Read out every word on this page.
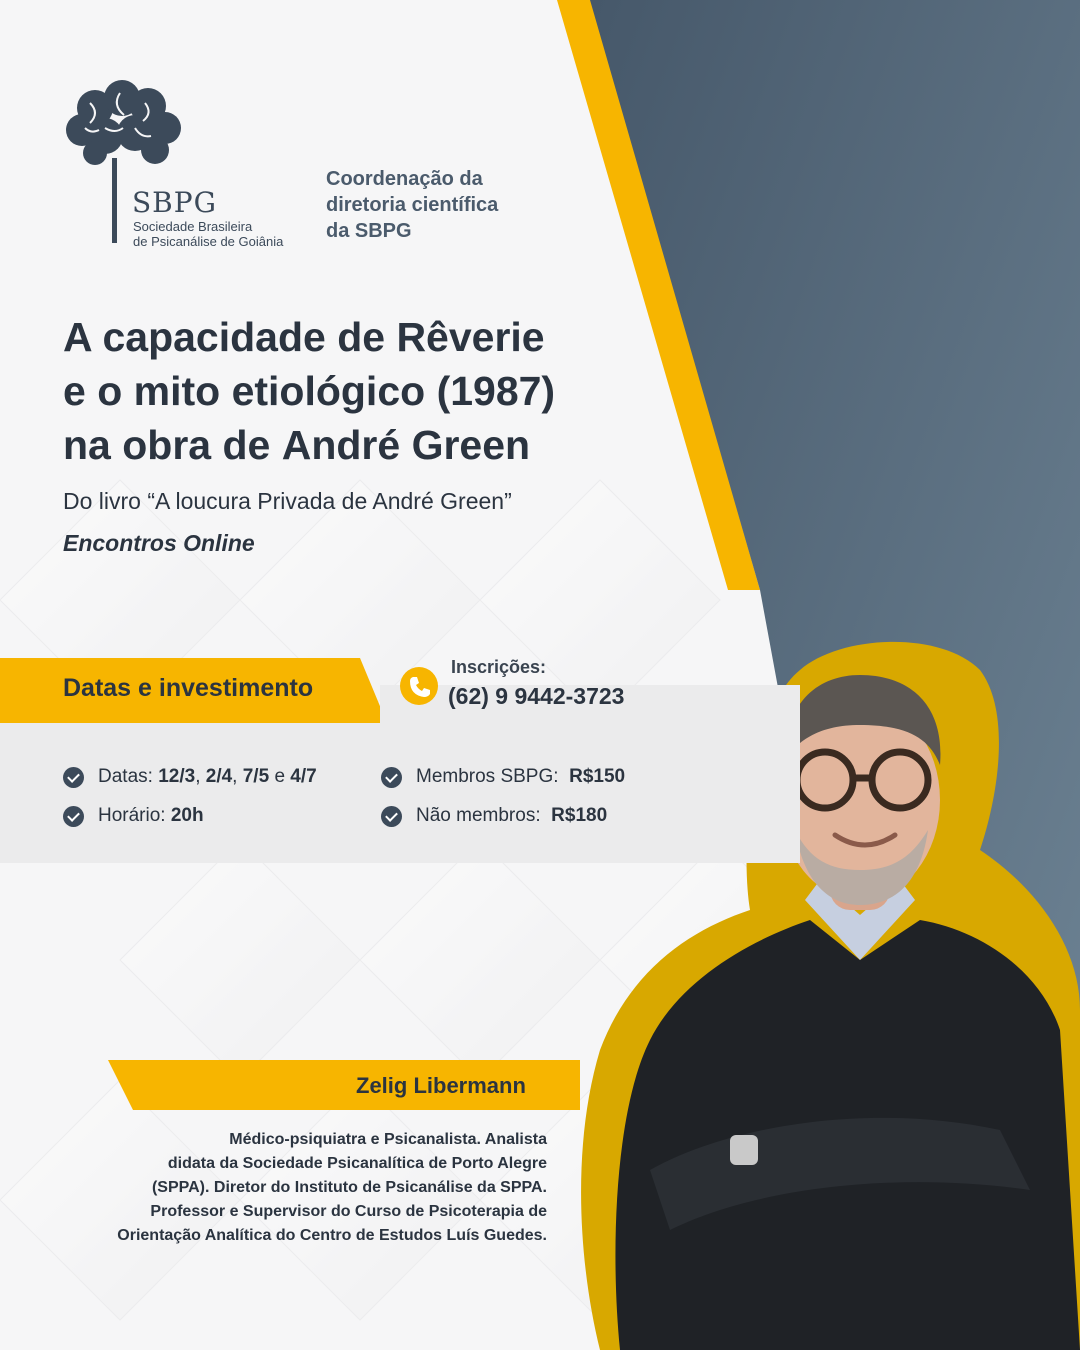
SBPG
Sociedade Brasileira
de Psicanálise de Goiânia
Coordenação da
diretoria científica
da SBPG
A capacidade de Rêverie
e o mito etiológico (1987)
na obra de André Green
Do livro “A loucura Privada de André Green”
Encontros Online
Datas e investimento
Inscrições:
(62) 9 9442-3723
Datas:
12/3 , 2/4 , 7/5
e
4/7
Horário:
20h
Membros SBPG:
R$150
Não membros:
R$180
Zelig Libermann
Médico-psiquiatra e Psicanalista. Analista
didata da Sociedade Psicanalítica de Porto Alegre
(SPPA). Diretor do Instituto de Psicanálise da SPPA.
Professor e Supervisor do Curso de Psicoterapia de
Orientação Analítica do Centro de Estudos Luís Guedes.
